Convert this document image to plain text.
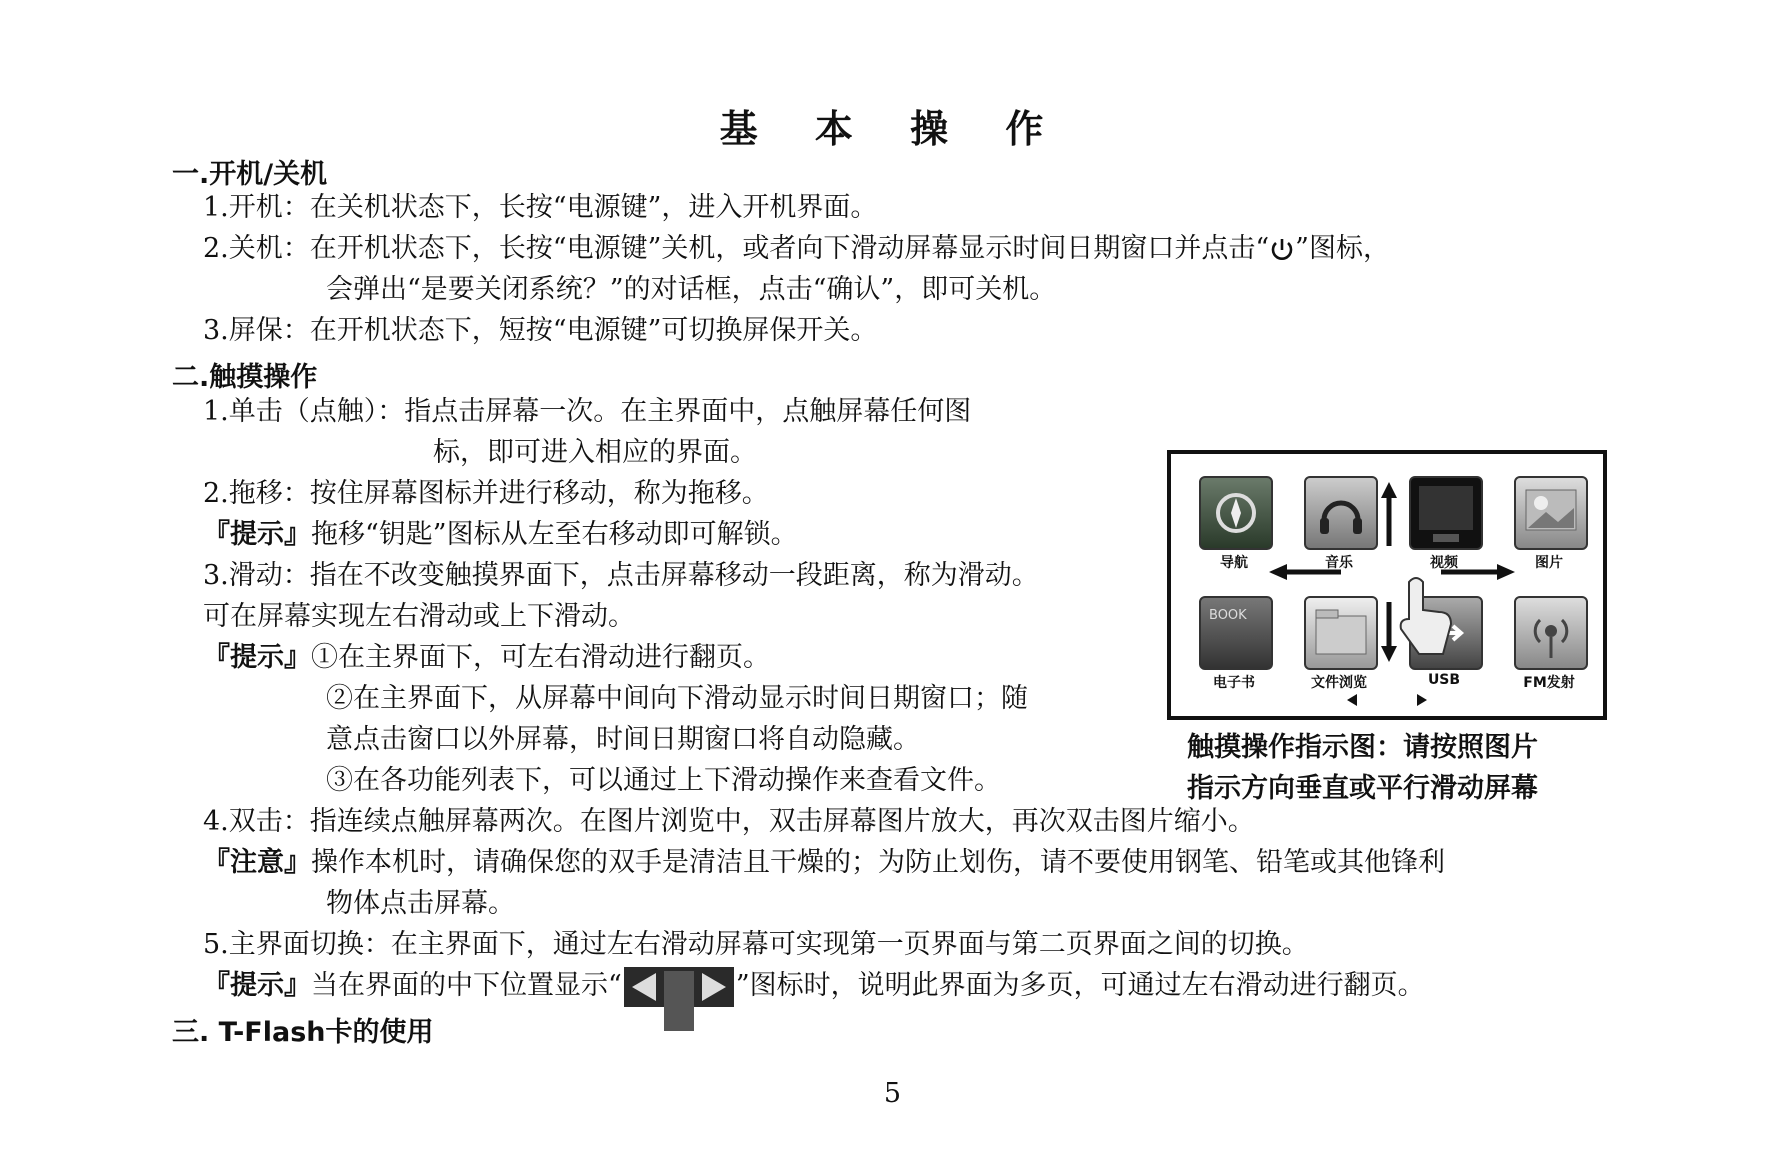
基 本 操 作
一.开机/关机
1.开机：在关机状态下，长按“电源键”，进入开机界面。
2.关机：在开机状态下，长按“电源键”关机，或者向下滑动屏幕显示时间日期窗口并点击“ ”图标，
会弹出“是要关闭系统？”的对话框，点击“确认”，即可关机。
3.屏保：在开机状态下，短按“电源键”可切换屏保开关。
二.触摸操作
1.单击（点触）：指点击屏幕一次。在主界面中，点触屏幕任何图
标，即可进入相应的界面。
2.拖移：按住屏幕图标并进行移动，称为拖移。
『提示』拖移“钥匙”图标从左至右移动即可解锁。
3.滑动：指在不改变触摸界面下，点击屏幕移动一段距离，称为滑动。
可在屏幕实现左右滑动或上下滑动。
『提示』①在主界面下，可左右滑动进行翻页。
②在主界面下，从屏幕中间向下滑动显示时间日期窗口；随
意点击窗口以外屏幕，时间日期窗口将自动隐藏。
③在各功能列表下，可以通过上下滑动操作来查看文件。
4.双击：指连续点触屏幕两次。在图片浏览中，双击屏幕图片放大，再次双击图片缩小。
『注意』操作本机时，请确保您的双手是清洁且干燥的；为防止划伤，请不要使用钢笔、铅笔或其他锋利
物体点击屏幕。
5.主界面切换：在主界面下，通过左右滑动屏幕可实现第一页界面与第二页界面之间的切换。
『提示』当在界面的中下位置显示“	”图标时，说明此界面为多页，可通过左右滑动进行翻页。
三. T-Flash卡的使用
导航	音乐	视频	图片
BOOK
电子书	文件浏览	USB	FM发射
触摸操作指示图：请按照图片
指示方向垂直或平行滑动屏幕
5
